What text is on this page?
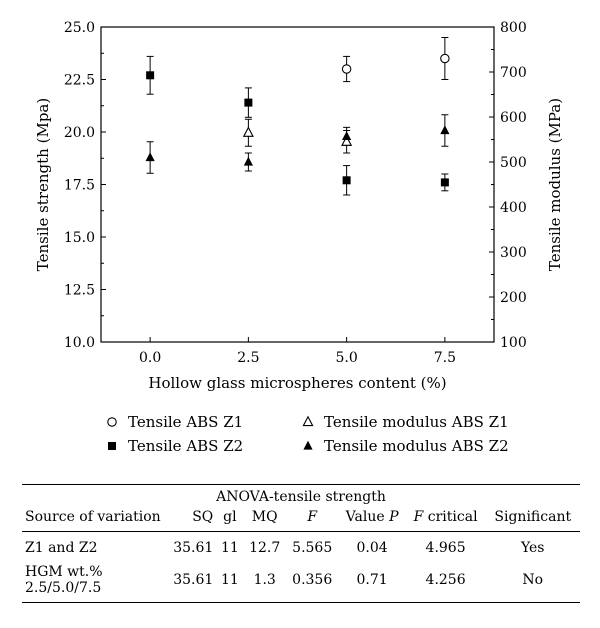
10.0
12.5
15.0
17.5
20.0
22.5
25.0
100
200
300
400
500
600
700
800
0.0	2.5	5.0	7.5
Hollow glass microspheres content (%)
Tensile strength (Mpa)	Tensile modulus (MPa)
Tensile ABS Z1
Tensile ABS Z2
Tensile modulus ABS Z1
Tensile modulus ABS Z2
ANOVA-tensile strength							
Source of variation	SQ	gl	MQ	F	Value P	F critical	Significant
Z1 and Z2	35.61	11	12.7	5.565	0.04	4.965	Yes
HGM wt.% 2.5/5.0/7.5	35.61	11	1.3	0.356	0.71	4.256	No
